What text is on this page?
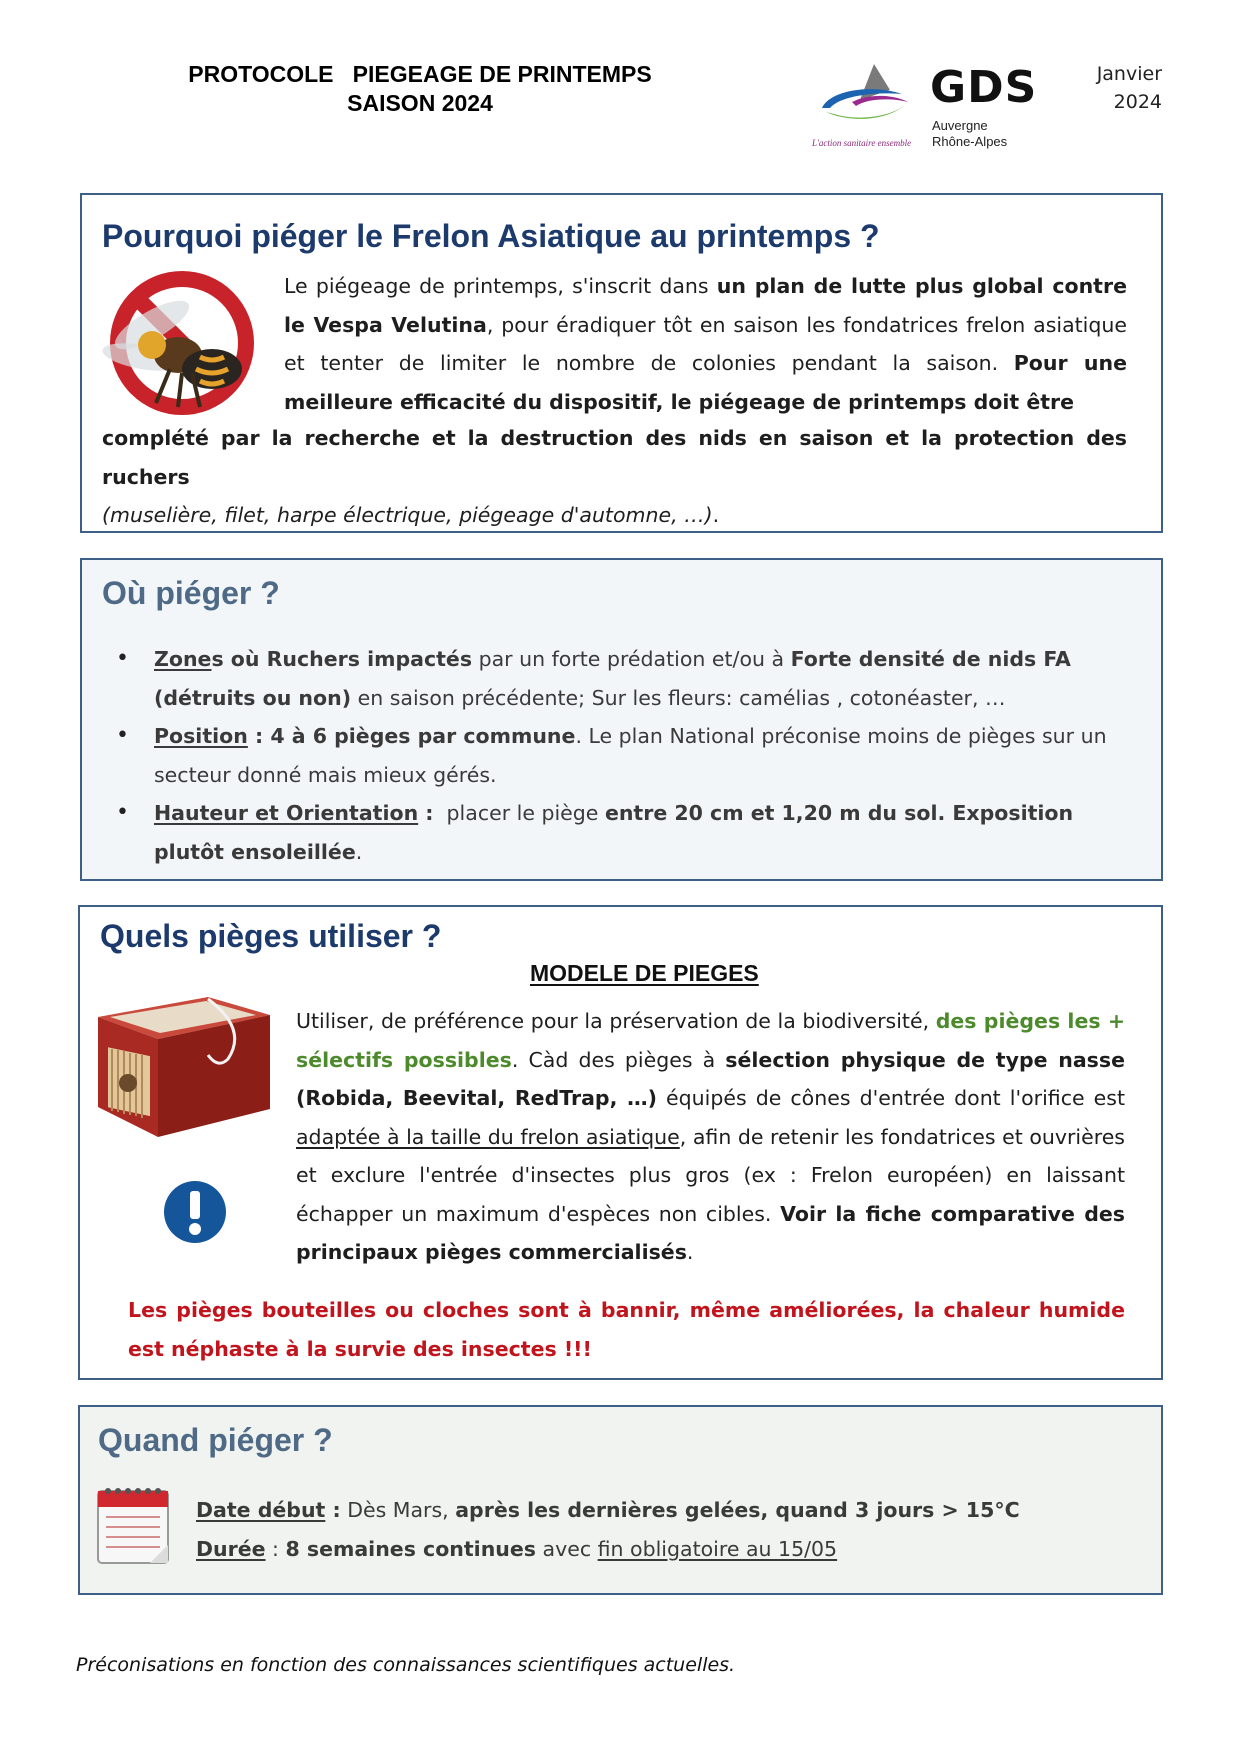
PROTOCOLE   PIEGEAGE DE PRINTEMPS
SAISON 2024	GDS
Auvergne
Rhône-Alpes
L'action sanitaire ensemble
Janvier
2024
Pourquoi piéger le Frelon Asiatique au printemps ?
Le piégeage de printemps, s'inscrit dans un plan de lutte plus global contre le Vespa Velutina, pour éradiquer tôt en saison les fondatrices frelon asiatique et tenter de limiter le nombre de colonies pendant la saison. Pour une meilleure efficacité du dispositif, le piégeage de printemps doit être
complété par la recherche et la destruction des nids en saison et la protection des ruchers
(muselière, filet, harpe électrique, piégeage d'automne, …).
Où piéger ?
• Zones où Ruchers impactés par un forte prédation et/ou à Forte densité de nids FA (détruits ou non) en saison précédente; Sur les fleurs: camélias , cotonéaster, …
• Position : 4 à 6 pièges par commune. Le plan National préconise moins de pièges sur un secteur donné mais mieux gérés.
• Hauteur et Orientation :  placer le piège entre 20 cm et 1,20 m du sol. Exposition plutôt ensoleillée.
Quels pièges utiliser ?
MODELE DE PIEGES
Utiliser, de préférence pour la préservation de la biodiversité, des pièges les + sélectifs possibles. Càd des pièges à sélection physique de type nasse (Robida, Beevital, RedTrap, …) équipés de cônes d'entrée dont l'orifice est adaptée à la taille du frelon asiatique, afin de retenir les fondatrices et ouvrières et exclure l'entrée d'insectes plus gros (ex : Frelon européen) en laissant échapper un maximum d'espèces non cibles. Voir la fiche comparative des principaux pièges commercialisés.
Les pièges bouteilles ou cloches sont à bannir, même améliorées, la chaleur humide est néphaste à la survie des insectes !!!
Quand piéger ?
Date début : Dès Mars, après les dernières gelées, quand 3 jours > 15°C
Durée : 8 semaines continues avec fin obligatoire au 15/05
Préconisations en fonction des connaissances scientifiques actuelles.
